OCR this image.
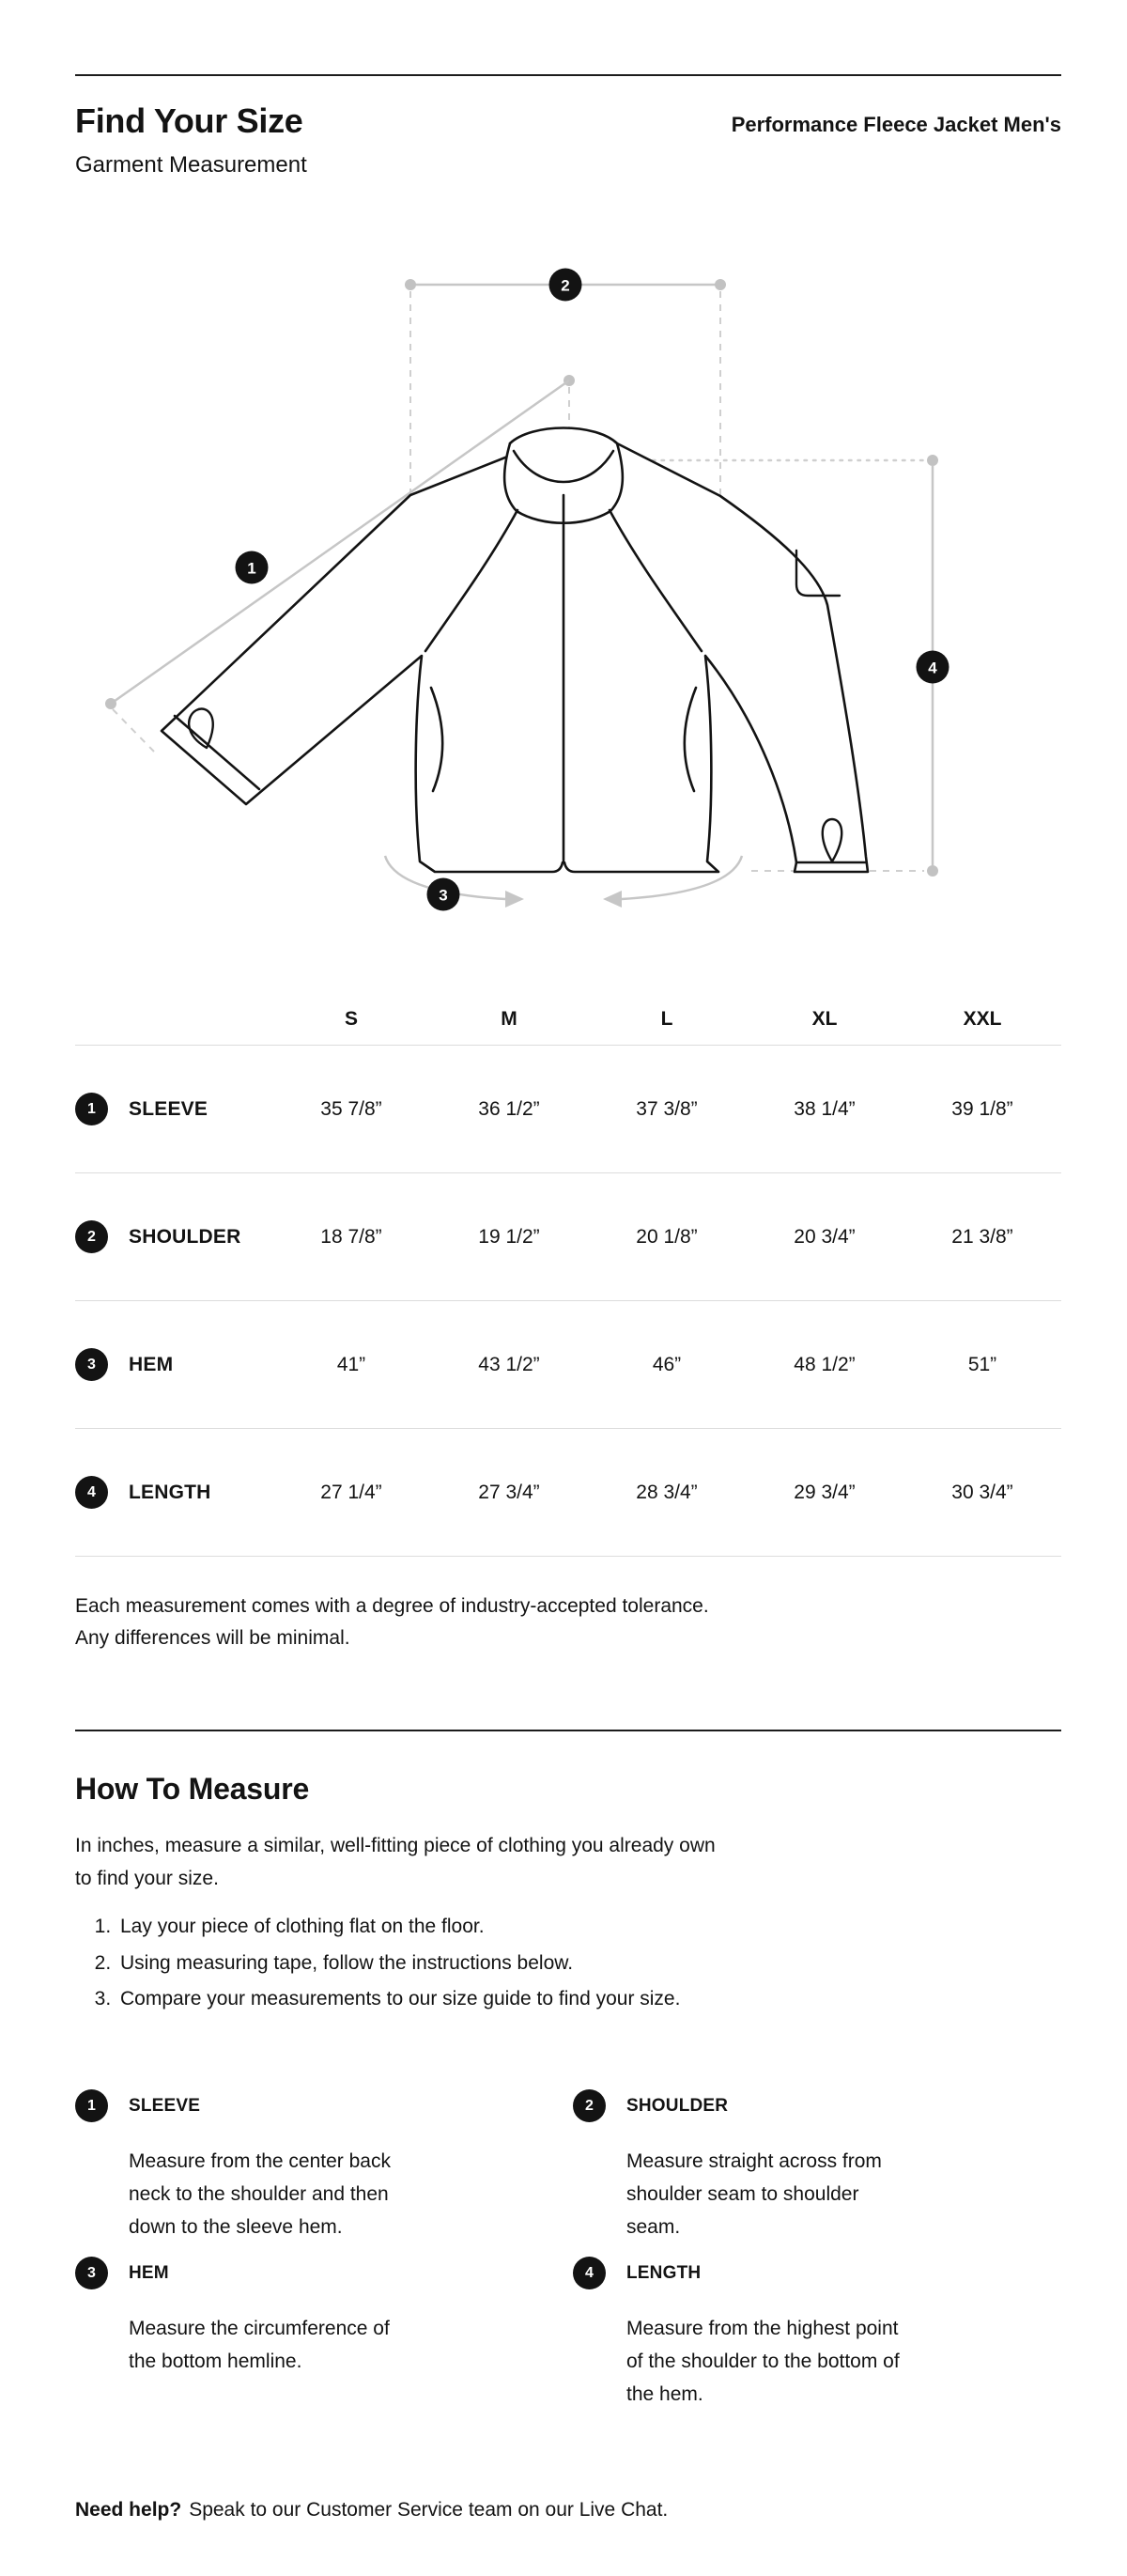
Find Your Size	Performance Fleece Jacket Men's
Garment Measurement
1
2
3
4
S	M	L	XL	XXL
1	SLEEVE	35 7/8”	36 1/2”	37 3/8”	38 1/4”	39 1/8”
2	SHOULDER	18 7/8”	19 1/2”	20 1/8”	20 3/4”	21 3/8”
3	HEM	41”	43 1/2”	46”	48 1/2”	51”
4	LENGTH	27 1/4”	27 3/4”	28 3/4”	29 3/4”	30 3/4”
Each measurement comes with a degree of industry-accepted tolerance.
Any differences will be minimal.
How To Measure
In inches, measure a similar, well-fitting piece of clothing you already own
to find your size.
1. Lay your piece of clothing flat on the floor.
2. Using measuring tape, follow the instructions below.
3. Compare your measurements to our size guide to find your size.
1	SLEEVE
Measure from the center back neck to the shoulder and then down to the sleeve hem.
2	SHOULDER
Measure straight across from shoulder seam to shoulder seam.
3	HEM
Measure the circumference of the bottom hemline.
4	LENGTH
Measure from the highest point of the shoulder to the bottom of the hem.
Need help? Speak to our Customer Service team on our Live Chat.
